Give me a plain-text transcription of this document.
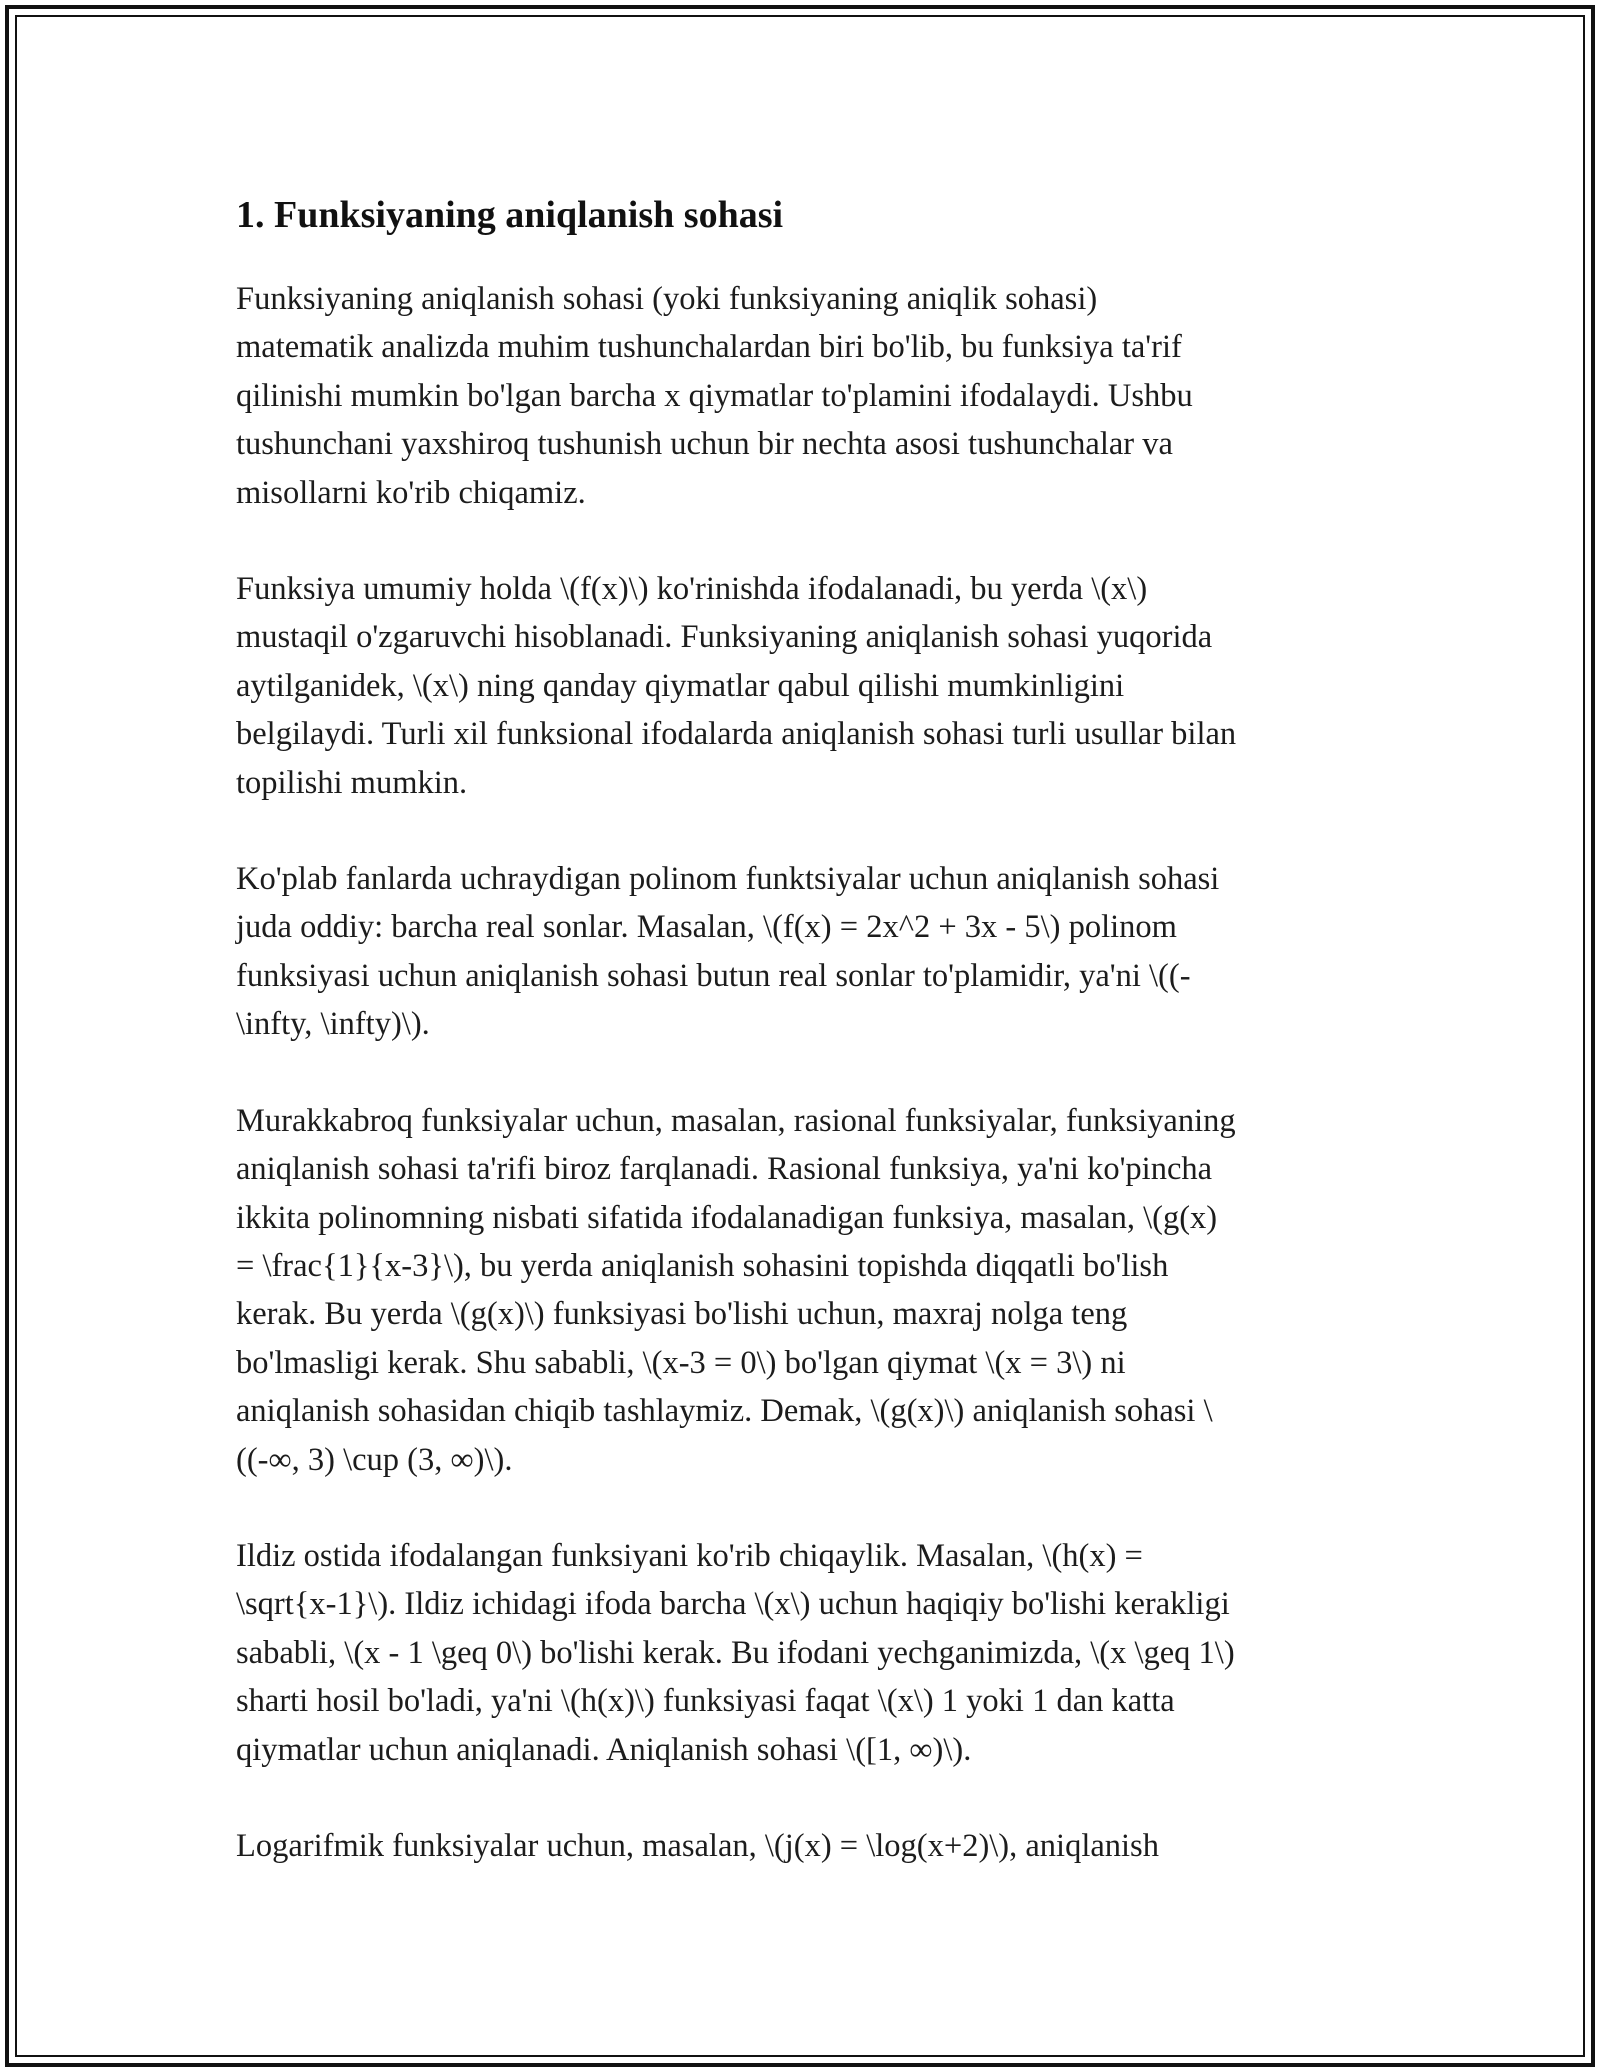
1. Funksiyaning aniqlanish sohasi

Funksiyaning aniqlanish sohasi (yoki funksiyaning aniqlik sohasi)
matematik analizda muhim tushunchalardan biri bo'lib, bu funksiya ta'rif
qilinishi mumkin bo'lgan barcha x qiymatlar to'plamini ifodalaydi. Ushbu
tushunchani yaxshiroq tushunish uchun bir nechta asosi tushunchalar va
misollarni ko'rib chiqamiz.

Funksiya umumiy holda \(f(x)\) ko'rinishda ifodalanadi, bu yerda \(x\)
mustaqil o'zgaruvchi hisoblanadi. Funksiyaning aniqlanish sohasi yuqorida
aytilganidek, \(x\) ning qanday qiymatlar qabul qilishi mumkinligini
belgilaydi. Turli xil funksional ifodalarda aniqlanish sohasi turli usullar bilan
topilishi mumkin.

Ko'plab fanlarda uchraydigan polinom funktsiyalar uchun aniqlanish sohasi
juda oddiy: barcha real sonlar. Masalan, \(f(x) = 2x^2 + 3x - 5\) polinom
funksiyasi uchun aniqlanish sohasi butun real sonlar to'plamidir, ya'ni \((-
\infty, \infty)\).

Murakkabroq funksiyalar uchun, masalan, rasional funksiyalar, funksiyaning
aniqlanish sohasi ta'rifi biroz farqlanadi. Rasional funksiya, ya'ni ko'pincha
ikkita polinomning nisbati sifatida ifodalanadigan funksiya, masalan, \(g(x)
= \frac{1}{x-3}\), bu yerda aniqlanish sohasini topishda diqqatli bo'lish
kerak. Bu yerda \(g(x)\) funksiyasi bo'lishi uchun, maxraj nolga teng
bo'lmasligi kerak. Shu sababli, \(x-3 = 0\) bo'lgan qiymat \(x = 3\) ni
aniqlanish sohasidan chiqib tashlaymiz. Demak, \(g(x)\) aniqlanish sohasi \
((-∞, 3) \cup (3, ∞)\).

Ildiz ostida ifodalangan funksiyani ko'rib chiqaylik. Masalan, \(h(x) =
\sqrt{x-1}\). Ildiz ichidagi ifoda barcha \(x\) uchun haqiqiy bo'lishi kerakligi
sababli, \(x - 1 \geq 0\) bo'lishi kerak. Bu ifodani yechganimizda, \(x \geq 1\)
sharti hosil bo'ladi, ya'ni \(h(x)\) funksiyasi faqat \(x\) 1 yoki 1 dan katta
qiymatlar uchun aniqlanadi. Aniqlanish sohasi \([1, ∞)\).

Logarifmik funksiyalar uchun, masalan, \(j(x) = \log(x+2)\), aniqlanish
